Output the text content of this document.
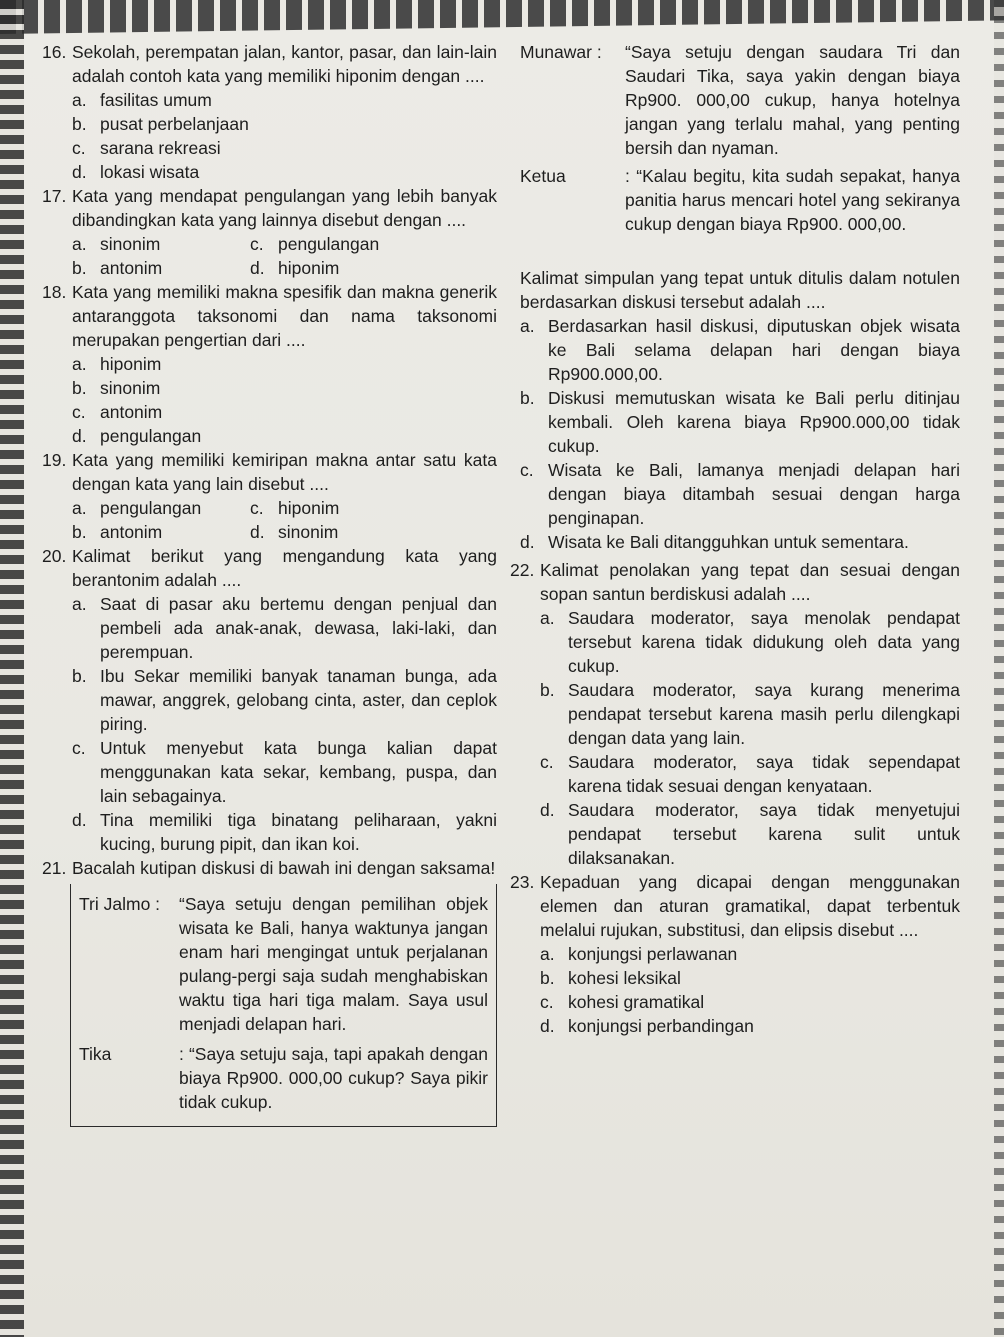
16. Sekolah, perempatan jalan, kantor, pasar, dan lain-lain adalah contoh kata yang memiliki hiponim dengan ....
a. fasilitas umum
b. pusat perbelanjaan
c. sarana rekreasi
d. lokasi wisata
17. Kata yang mendapat pengulangan yang lebih banyak dibandingkan kata yang lainnya disebut dengan ....
a. sinonim	c. pengulangan
b. antonim	d. hiponim
18. Kata yang memiliki makna spesifik dan makna generik antaranggota taksonomi dan nama taksonomi merupakan pengertian dari ....
a. hiponim
b. sinonim
c. antonim
d. pengulangan
19. Kata yang memiliki kemiripan makna antar satu kata dengan kata yang lain disebut ....
a. pengulangan	c. hiponim
b. antonim	d. sinonim
20. Kalimat berikut yang mengandung kata yang berantonim adalah ....
a. Saat di pasar aku bertemu dengan penjual dan pembeli ada anak-anak, dewasa, laki-laki, dan perempuan.
b. Ibu Sekar memiliki banyak tanaman bunga, ada mawar, anggrek, gelobang cinta, aster, dan ceplok piring.
c. Untuk menyebut kata bunga kalian dapat menggunakan kata sekar, kembang, puspa, dan lain sebagainya.
d. Tina memiliki tiga binatang peliharaan, yakni kucing, burung pipit, dan ikan koi.
21. Bacalah kutipan diskusi di bawah ini dengan saksama!
Tri Jalmo : “Saya setuju dengan pemilihan objek wisata ke Bali, hanya waktunya jangan enam hari mengingat untuk perjalanan pulang-pergi saja sudah menghabiskan waktu tiga hari tiga malam. Saya usul menjadi delapan hari.
Tika	: “Saya setuju saja, tapi apakah dengan biaya Rp900. 000,00 cukup? Saya pikir tidak cukup.
Munawar : “Saya setuju dengan saudara Tri dan Saudari Tika, saya yakin dengan biaya Rp900. 000,00 cukup, hanya hotelnya jangan yang terlalu mahal, yang penting bersih dan nyaman.
Ketua	: “Kalau begitu, kita sudah sepakat, hanya panitia harus mencari hotel yang sekiranya cukup dengan biaya Rp900. 000,00.
Kalimat simpulan yang tepat untuk ditulis dalam notulen berdasarkan diskusi tersebut adalah ....
a. Berdasarkan hasil diskusi, diputuskan objek wisata ke Bali selama delapan hari dengan biaya Rp900.000,00.
b. Diskusi memutuskan wisata ke Bali perlu ditinjau kembali. Oleh karena biaya Rp900.000,00 tidak cukup.
c. Wisata ke Bali, lamanya menjadi delapan hari dengan biaya ditambah sesuai dengan harga penginapan.
d. Wisata ke Bali ditangguhkan untuk sementara.
22. Kalimat penolakan yang tepat dan sesuai dengan sopan santun berdiskusi adalah ....
a. Saudara moderator, saya menolak pendapat tersebut karena tidak didukung oleh data yang cukup.
b. Saudara moderator, saya kurang menerima pendapat tersebut karena masih perlu dilengkapi dengan data yang lain.
c. Saudara moderator, saya tidak sependapat karena tidak sesuai dengan kenyataan.
d. Saudara moderator, saya tidak menyetujui pendapat tersebut karena sulit untuk dilaksanakan.
23. Kepaduan yang dicapai dengan menggunakan elemen dan aturan gramatikal, dapat terbentuk melalui rujukan, substitusi, dan elipsis disebut ....
a. konjungsi perlawanan
b. kohesi leksikal
c. kohesi gramatikal
d. konjungsi perbandingan
